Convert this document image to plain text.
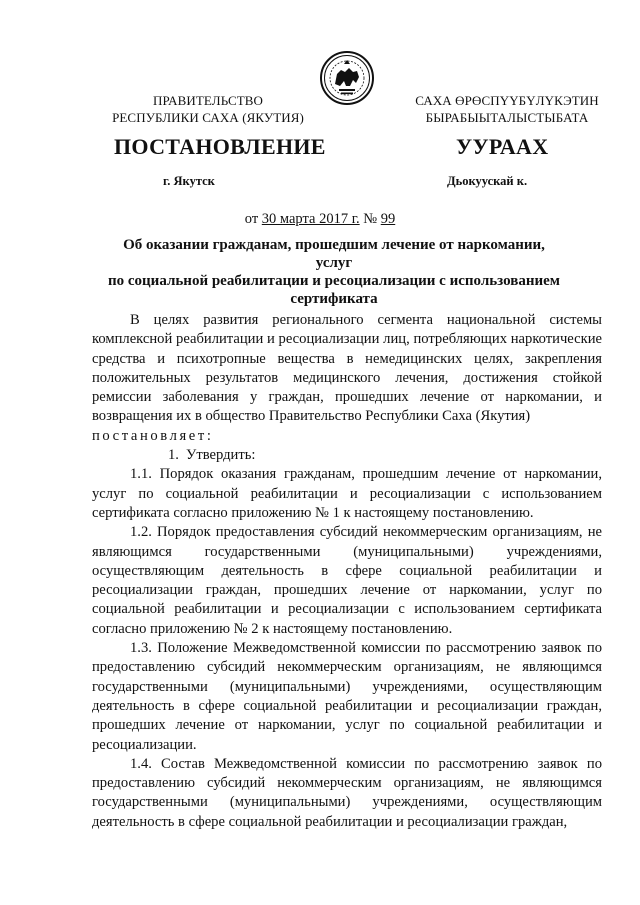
ПРАВИТЕЛЬСТВО
РЕСПУБЛИКИ САХА (ЯКУТИЯ)
САХА ӨРӨСПҮҮБҮЛҮКЭТИН
БЫРАБЫЫТАЛЫСТЫБАТА
ПОСТАНОВЛЕНИЕ	УУРААХ
г. Якутск	Дьокуускай к.
от 30 марта 2017 г. № 99
Об оказании гражданам, прошедшим лечение от наркомании, услуг
по социальной реабилитации и ресоциализации с использованием
сертификата

В целях развития регионального сегмента национальной системы комплексной реабилитации и ресоциализации лиц, потребляющих наркотические средства и психотропные вещества в немедицинских целях, закрепления положительных результатов медицинского лечения, достижения стойкой ремиссии заболевания у граждан, прошедших лечение от наркомании, и возвращения их в общество Правительство Республики Саха (Якутия)

постановляет:

1. Утвердить:

1.1. Порядок оказания гражданам, прошедшим лечение от наркомании, услуг по социальной реабилитации и ресоциализации с использованием сертификата согласно приложению № 1 к настоящему постановлению.

1.2. Порядок предоставления субсидий некоммерческим организациям, не являющимся государственными (муниципальными) учреждениями, осуществляющим деятельность в сфере социальной реабилитации и ресоциализации граждан, прошедших лечение от наркомании, услуг по социальной реабилитации и ресоциализации с использованием сертификата согласно приложению № 2 к настоящему постановлению.

1.3. Положение Межведомственной комиссии по рассмотрению заявок по предоставлению субсидий некоммерческим организациям, не являющимся государственными (муниципальными) учреждениями, осуществляющим деятельность в сфере социальной реабилитации и ресоциализации граждан, прошедших лечение от наркомании, услуг по социальной реабилитации и ресоциализации.

1.4. Состав Межведомственной комиссии по рассмотрению заявок по предоставлению субсидий некоммерческим организациям, не являющимся государственными (муниципальными) учреждениями, осуществляющим деятельность в сфере социальной реабилитации и ресоциализации граждан,
